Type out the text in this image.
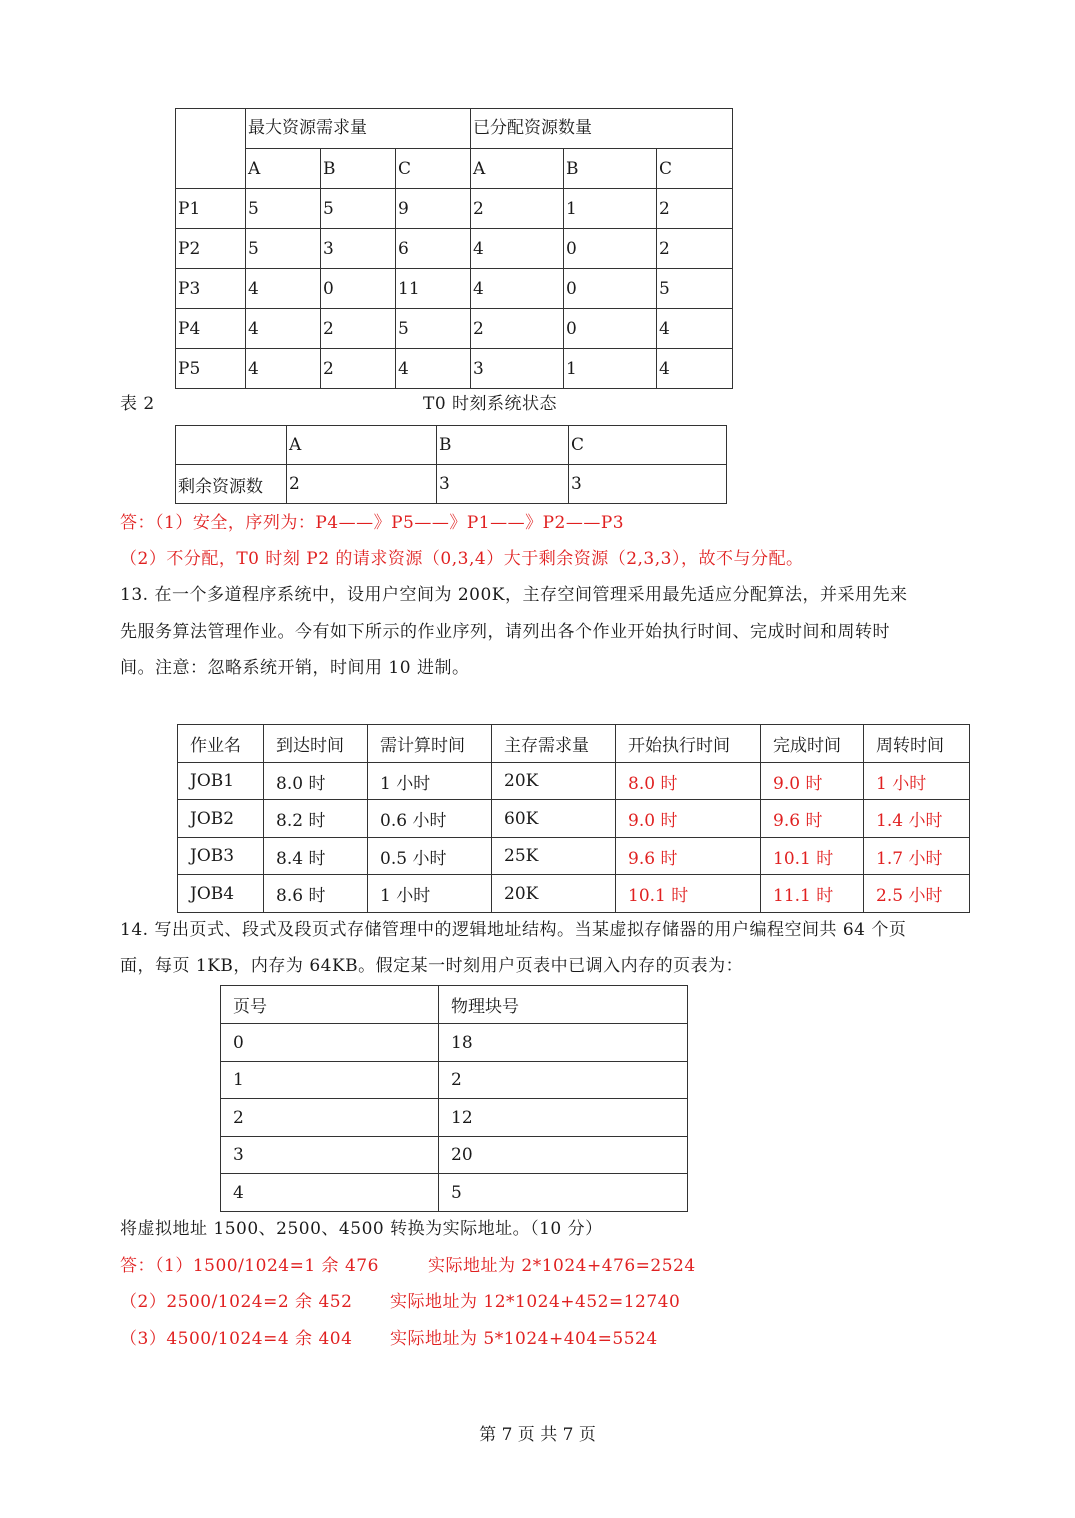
	最大资源需求量			已分配资源数量		
	A	B	C	A	B	C
P1	5	5	9	2	1	2
P2	5	3	6	4	0	2
P3	4	0	11	4	0	5
P4	4	2	5	2	0	4
P5	4	2	4	3	1	4
表 2	T0 时刻系统状态
	A	B	C
剩余资源数	2	3	3
答：（1）安全，序列为：P4——》P5——》P1——》P2——P3
（2）不分配，T0 时刻 P2 的请求资源（0,3,4）大于剩余资源（2,3,3），故不与分配。
13. 在一个多道程序系统中，设用户空间为 200K，主存空间管理采用最先适应分配算法，并采用先来
先服务算法管理作业。今有如下所示的作业序列，请列出各个作业开始执行时间、完成时间和周转时
间。注意：忽略系统开销，时间用 10 进制。
作业名	到达时间	需计算时间	主存需求量	开始执行时间	完成时间	周转时间
JOB1	8.0 时	1 小时	20K	8.0 时	9.0 时	1 小时
JOB2	8.2 时	0.6 小时	60K	9.0 时	9.6 时	1.4 小时
JOB3	8.4 时	0.5 小时	25K	9.6 时	10.1 时	1.7 小时
JOB4	8.6 时	1 小时	20K	10.1 时	11.1 时	2.5 小时
14. 写出页式、段式及段页式存储管理中的逻辑地址结构。当某虚拟存储器的用户编程空间共 64 个页
面，每页 1KB，内存为 64KB。假定某一时刻用户页表中已调入内存的页表为：
页号	物理块号
0	18
1	2
2	12
3	20
4	5
将虚拟地址 1500、2500、4500 转换为实际地址。（10 分）
答：（1）1500/1024=1 余 476	实际地址为 2*1024+476=2524
（2）2500/1024=2 余 452 实际地址为 12*1024+452=12740
（3）4500/1024=4 余 404 实际地址为 5*1024+404=5524
第 7 页 共 7 页
